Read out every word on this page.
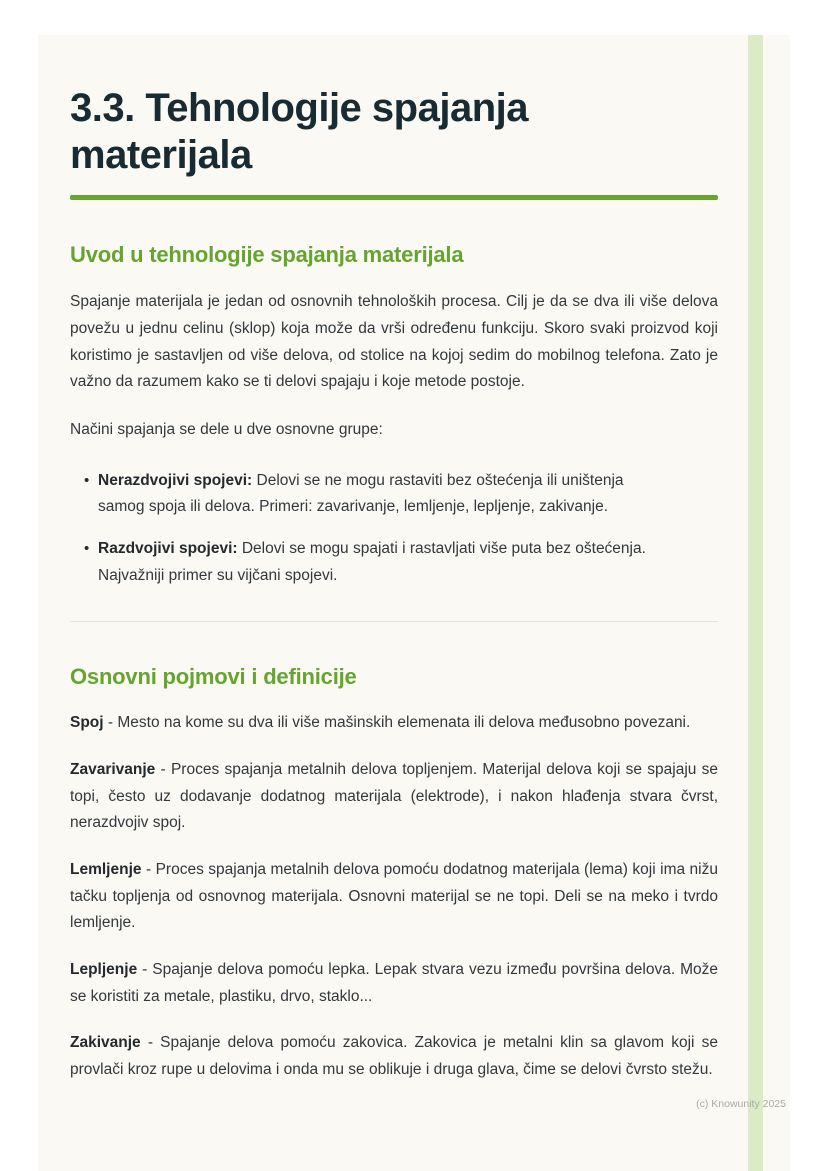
3.3. Tehnologije spajanja materijala
Uvod u tehnologije spajanja materijala

Spajanje materijala je jedan od osnovnih tehnoloških procesa. Cilj je da se dva ili više delova povežu u jednu celinu (sklop) koja može da vrši određenu funkciju. Skoro svaki proizvod koji koristimo je sastavljen od više delova, od stolice na kojoj sedim do mobilnog telefona. Zato je važno da razumem kako se ti delovi spajaju i koje metode postoje.

Načini spajanja se dele u dve osnovne grupe:

• Nerazdvojivi spojevi: Delovi se ne mogu rastaviti bez oštećenja ili uništenja samog spoja ili delova. Primeri: zavarivanje, lemljenje, lepljenje, zakivanje.
• Razdvojivi spojevi: Delovi se mogu spajati i rastavljati više puta bez oštećenja. Najvažniji primer su vijčani spojevi.
Osnovni pojmovi i definicije

Spoj - Mesto na kome su dva ili više mašinskih elemenata ili delova međusobno povezani.

Zavarivanje - Proces spajanja metalnih delova topljenjem. Materijal delova koji se spajaju se topi, često uz dodavanje dodatnog materijala (elektrode), i nakon hlađenja stvara čvrst, nerazdvojiv spoj.

Lemljenje - Proces spajanja metalnih delova pomoću dodatnog materijala (lema) koji ima nižu tačku topljenja od osnovnog materijala. Osnovni materijal se ne topi. Deli se na meko i tvrdo lemljenje.

Lepljenje - Spajanje delova pomoću lepka. Lepak stvara vezu između površina delova. Može se koristiti za metale, plastiku, drvo, staklo...

Zakivanje - Spajanje delova pomoću zakovica. Zakovica je metalni klin sa glavom koji se provlači kroz rupe u delovima i onda mu se oblikuje i druga glava, čime se delovi čvrsto stežu.

(c) Knowunity 2025
